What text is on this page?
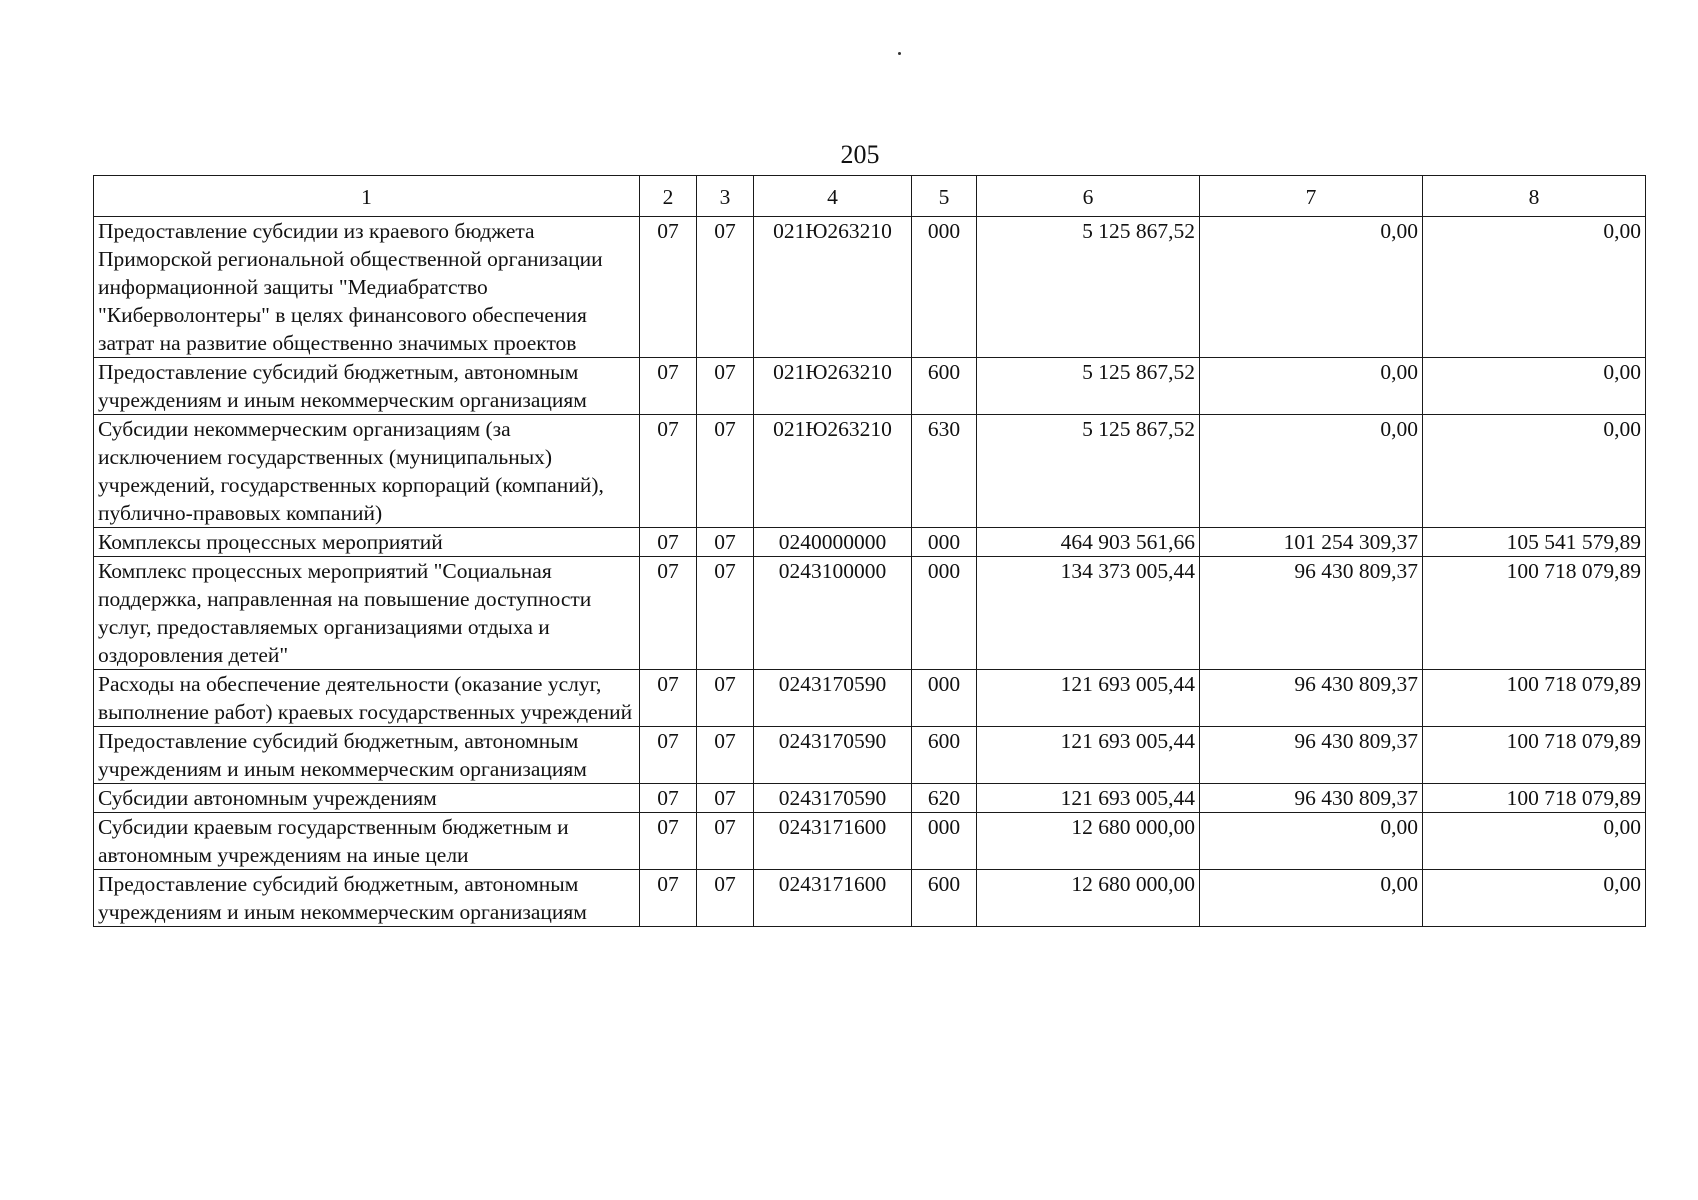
205
1	2	3	4	5	6	7	8
Предоставление субсидии из краевого бюджета Приморской региональной общественной организации информационной защиты "Медиабратство "Киберволонтеры" в целях финансового обеспечения затрат на развитие общественно значимых проектов	07	07	021Ю263210	000	5 125 867,52	0,00	0,00
Предоставление субсидий бюджетным, автономным учреждениям и иным некоммерческим организациям	07	07	021Ю263210	600	5 125 867,52	0,00	0,00
Субсидии некоммерческим организациям (за исключением государственных (муниципальных) учреждений, государственных корпораций (компаний), публично-правовых компаний)	07	07	021Ю263210	630	5 125 867,52	0,00	0,00
Комплексы процессных мероприятий	07	07	0240000000	000	464 903 561,66	101 254 309,37	105 541 579,89
Комплекс процессных мероприятий "Социальная поддержка, направленная на повышение доступности услуг, предоставляемых организациями отдыха и оздоровления детей"	07	07	0243100000	000	134 373 005,44	96 430 809,37	100 718 079,89
Расходы на обеспечение деятельности (оказание услуг, выполнение работ) краевых государственных учреждений	07	07	0243170590	000	121 693 005,44	96 430 809,37	100 718 079,89
Предоставление субсидий бюджетным, автономным учреждениям и иным некоммерческим организациям	07	07	0243170590	600	121 693 005,44	96 430 809,37	100 718 079,89
Субсидии автономным учреждениям	07	07	0243170590	620	121 693 005,44	96 430 809,37	100 718 079,89
Субсидии краевым государственным бюджетным и автономным учреждениям на иные цели	07	07	0243171600	000	12 680 000,00	0,00	0,00
Предоставление субсидий бюджетным, автономным учреждениям и иным некоммерческим организациям	07	07	0243171600	600	12 680 000,00	0,00	0,00
